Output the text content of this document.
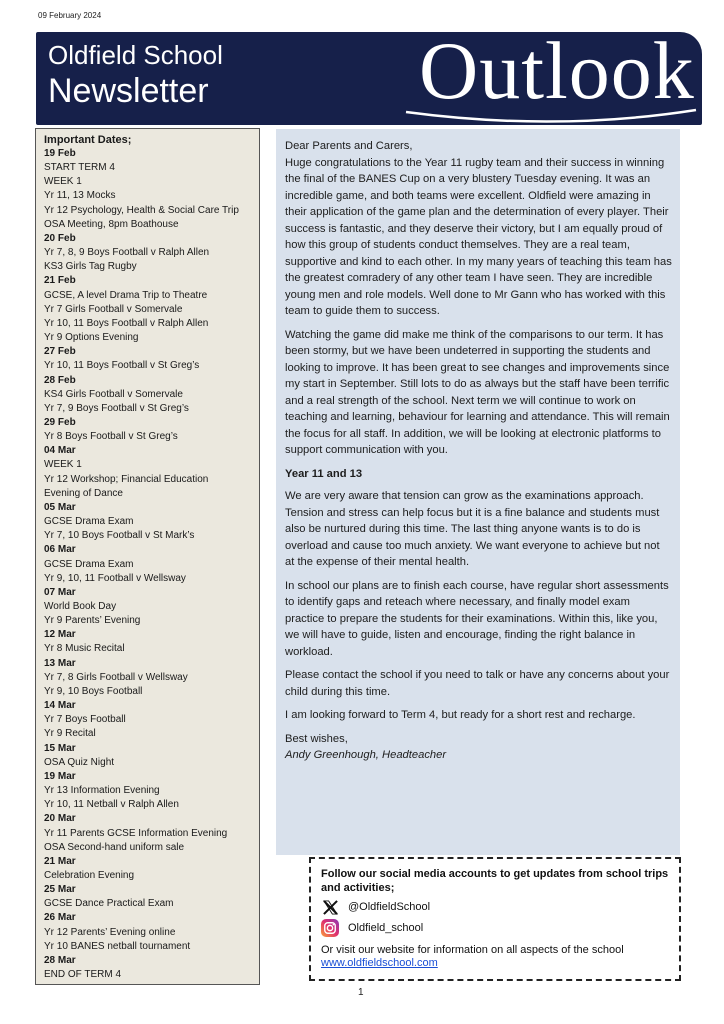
09 February 2024
Oldfield School
Newsletter	Outlook
Important Dates;
19 Feb
START TERM 4
WEEK 1
Yr 11, 13 Mocks
Yr 12 Psychology, Health & Social Care Trip
OSA Meeting, 8pm Boathouse
20 Feb
Yr 7, 8, 9 Boys Football v Ralph Allen
KS3 Girls Tag Rugby
21 Feb
GCSE, A level Drama Trip to Theatre
Yr 7 Girls Football v Somervale
Yr 10, 11 Boys Football v Ralph Allen
Yr 9 Options Evening
27 Feb
Yr 10, 11 Boys Football v St Greg’s
28 Feb
KS4 Girls Football v Somervale
Yr 7, 9 Boys Football v St Greg’s
29 Feb
Yr 8 Boys Football v St Greg’s
04 Mar
WEEK 1
Yr 12 Workshop; Financial Education
Evening of Dance
05 Mar
GCSE Drama Exam
Yr 7, 10 Boys Football v St Mark’s
06 Mar
GCSE Drama Exam
Yr 9, 10, 11 Football v Wellsway
07 Mar
World Book Day
Yr 9 Parents’ Evening
12 Mar
Yr 8 Music Recital
13 Mar
Yr 7, 8 Girls Football v Wellsway
Yr 9, 10 Boys Football
14 Mar
Yr 7 Boys Football
Yr 9 Recital
15 Mar
OSA Quiz Night
19 Mar
Yr 13 Information Evening
Yr 10, 11 Netball v Ralph Allen
20 Mar
Yr 11 Parents GCSE Information Evening
OSA Second-hand uniform sale
21 Mar
Celebration Evening
25 Mar
GCSE Dance Practical Exam
26 Mar
Yr 12 Parents’ Evening online
Yr 10 BANES netball tournament
28 Mar
END OF TERM 4

Dear Parents and Carers,

Huge congratulations to the Year 11 rugby team and their success in winning the final of the BANES Cup on a very blustery Tuesday evening. It was an incredible game, and both teams were excellent. Oldfield were amazing in their application of the game plan and the determination of every player. Their success is fantastic, and they deserve their victory, but I am equally proud of how this group of students conduct themselves. They are a real team, supportive and kind to each other. In my many years of teaching this team has the greatest comradery of any other team I have seen. They are incredible young men and role models. Well done to Mr Gann who has worked with this team to guide them to success.

Watching the game did make me think of the comparisons to our term. It has been stormy, but we have been undeterred in supporting the students and looking to improve. It has been great to see changes and improvements since my start in September. Still lots to do as always but the staff have been terrific and a real strength of the school. Next term we will continue to work on teaching and learning, behaviour for learning and attendance. This will remain the focus for all staff. In addition, we will be looking at electronic platforms to support communication with you.

Year 11 and 13

We are very aware that tension can grow as the examinations approach. Tension and stress can help focus but it is a fine balance and students must also be nurtured during this time. The last thing anyone wants is to do is overload and cause too much anxiety. We want everyone to achieve but not at the expense of their mental health.

In school our plans are to finish each course, have regular short assessments to identify gaps and reteach where necessary, and finally model exam practice to prepare the students for their examinations. Within this, like you, we will have to guide, listen and encourage, finding the right balance in workload.

Please contact the school if you need to talk or have any concerns about your child during this time.

I am looking forward to Term 4, but ready for a short rest and recharge.

Best wishes,

Andy Greenhough, Headteacher

Follow our social media accounts to get updates from school trips and activities;
@OldfieldSchool
Oldfield_school
Or visit our website for information on all aspects of the school
www.oldfieldschool.com
1
